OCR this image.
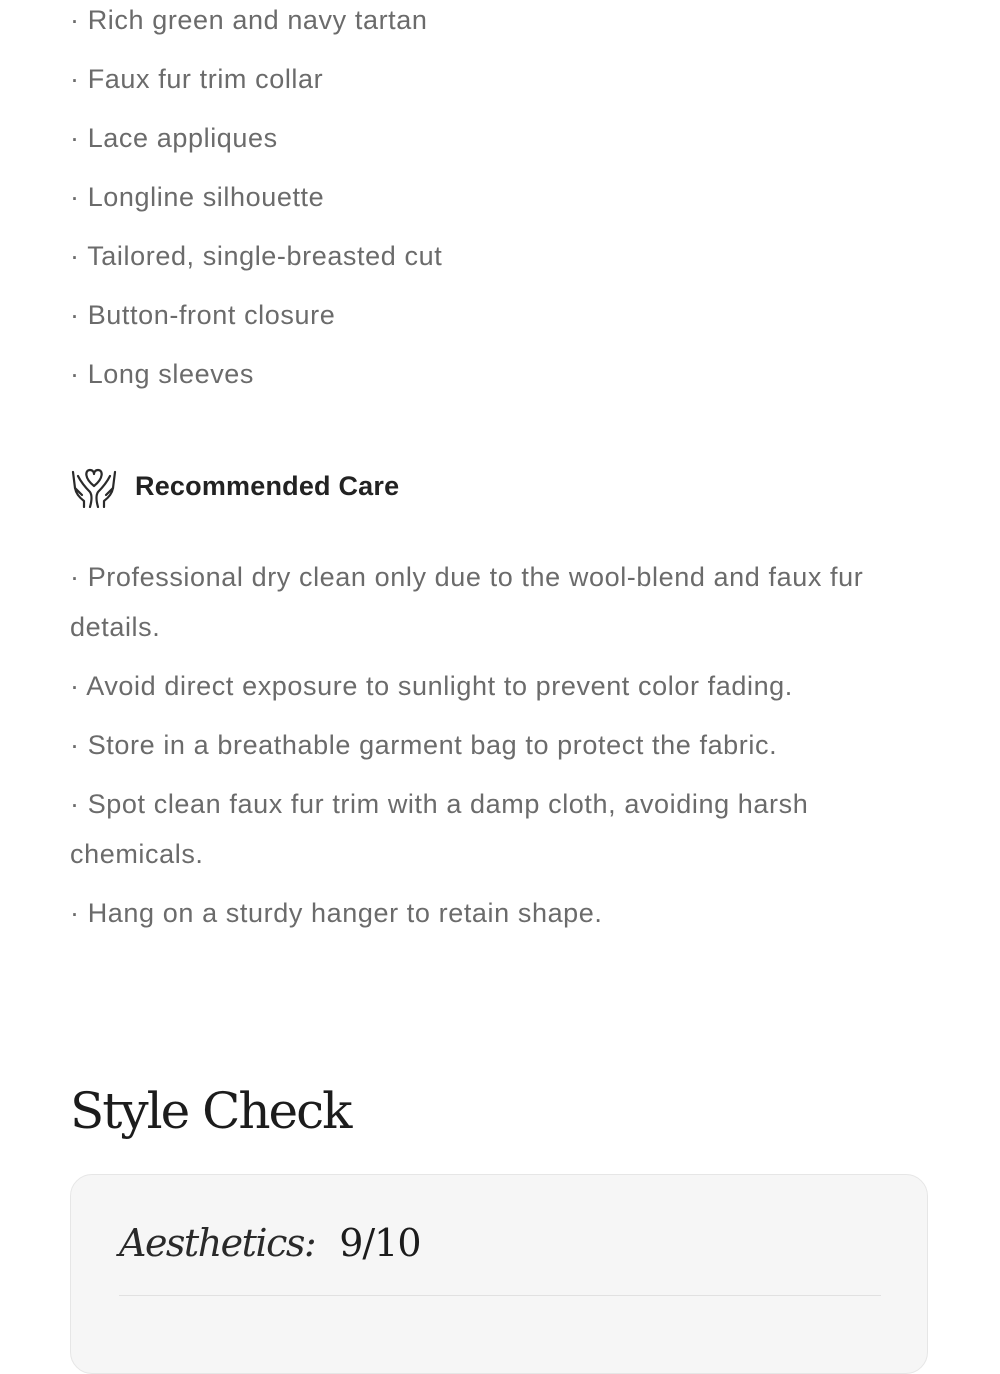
· Rich green and navy tartan
· Faux fur trim collar
· Lace appliques
· Longline silhouette
· Tailored, single-breasted cut
· Button-front closure
· Long sleeves
Recommended Care
· Professional dry clean only due to the wool-blend and faux fur details.
· Avoid direct exposure to sunlight to prevent color fading.
· Store in a breathable garment bag to protect the fabric.
· Spot clean faux fur trim with a damp cloth, avoiding harsh chemicals.
· Hang on a sturdy hanger to retain shape.
Style Check
Aesthetics: 9/10
